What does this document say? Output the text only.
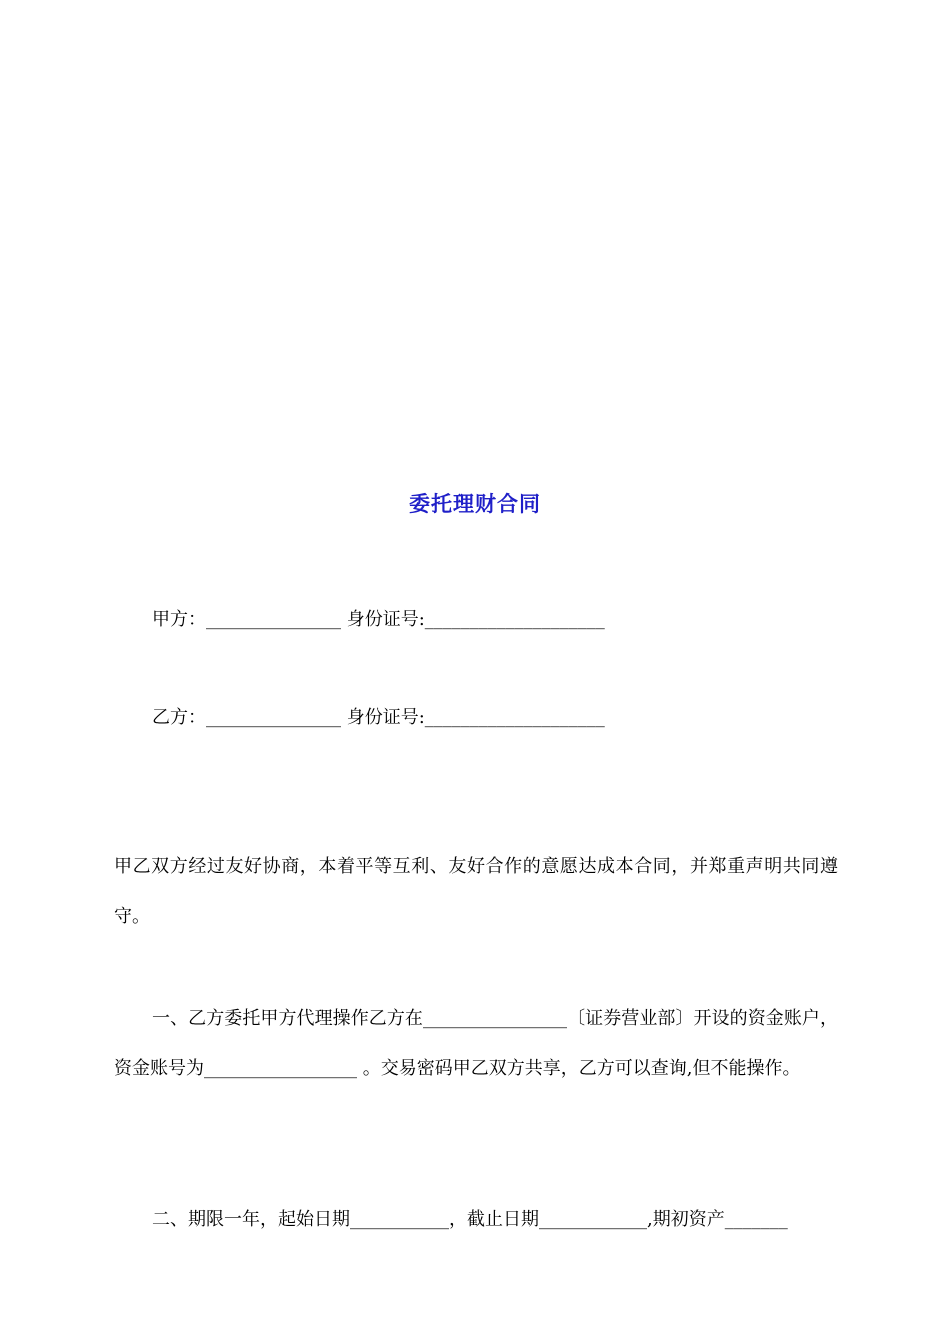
委托理财合同
甲方：_______________ 身份证号:____________________
乙方：_______________ 身份证号:____________________
甲乙双方经过友好协商，本着平等互利、友好合作的意愿达成本合同，并郑重声明共同遵守。
一、乙方委托甲方代理操作乙方在________________〔证券营业部〕开设的资金账户，资金账号为_________________ 。交易密码甲乙双方共享，乙方可以查询,但不能操作。
二、期限一年，起始日期___________，截止日期____________,期初资产_______
